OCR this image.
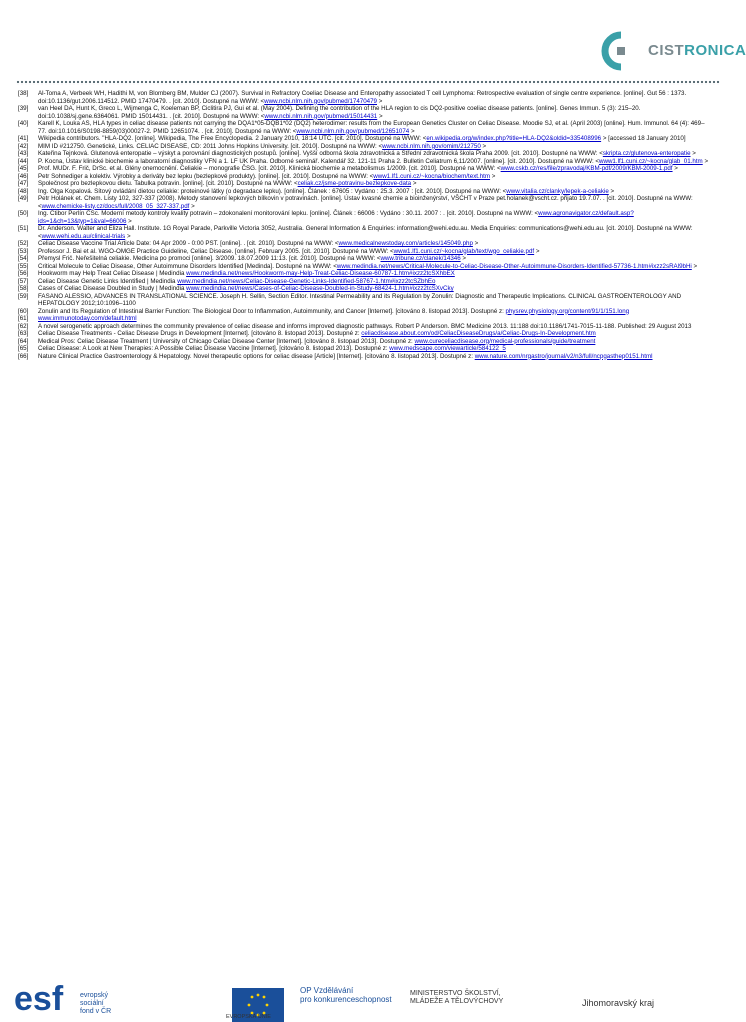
CISTRONICA
[38]	Al-Toma A, Verbeek WH, Hadithi M, von Blomberg BM, Mulder CJ (2007). Survival in Refractory Coeliac Disease and Enteropathy associated T cell Lymphoma: Retrospective evaluation of single centre experience. [online]. Gut 56 : 1373. doi:10.1136/gut.2006.114512. PMID 17470479. . [cit. 2010]. Dostupné na WWW: <www.ncbi.nlm.nih.gov/pubmed/17470479 >
[39]	van Heel DA, Hunt K, Greco L, Wijmenga C, Koeleman BP, Ciclitira PJ, Gui et al. (May 2004). Defining the contribution of the HLA region to cis DQ2-positive coeliac disease patients. [online]. Genes Immun. 5 (3): 215–20. doi:10.1038/sj.gene.6364061. PMID 15014431. . [cit. 2010]. Dostupné na WWW: <www.ncbi.nlm.nih.gov/pubmed/15014431 >
[40]	Karell K, Louka AS, HLA types in celiac disease patients not carrying the DQA1*05-DQB1*02 (DQ2) heterodimer: results from the European Genetics Cluster on Celiac Disease. Moodie SJ, et al. (April 2003) [online]. Hum. Immunol. 64 (4): 469–77. doi:10.1016/S0198-8859(03)00027-2. PMID 12651074. . [cit. 2010]. Dostupné na WWW: <www.ncbi.nlm.nih.gov/pubmed/12651074 >
[41]	Wikipedia contributors. "HLA-DQ2. [online]. Wikipedia, The Free Encyclopedia. 2 January 2010, 18:14 UTC. [cit. 2010]. Dostupné na WWW: <en.wikipedia.org/w/index.php?title=HLA-DQ2&oldid=335408996 > [accessed 18 January 2010]
[42]	MIM ID #212750. Genetické, Links. CELIAC DISEASE, CD: 2011 Johns Hopkins University. [cit. 2010]. Dostupné na WWW: <www.ncbi.nlm.nih.gov/omim/212750 >
[43]	Kateřina Tejnková. Glutenová enteropatie – výskyt a porovnání diagnostických postupů. [online]. Vyšší odborná škola zdravotnická a Střední zdravotnická škola Praha 2009. [cit. 2010]. Dostupné na WWW: <skripta.cz/glutenova-enteropatie >
[44]	P. Kocna, Ústav klinické biochemie a laboratorní diagnostiky VFN a 1. LF UK Praha. Odborné seminář. Kalendář 32. 121-11 Praha 2. Bulletin Celiatrum 6,11/2007. [online]. [cit. 2010]. Dostupné na WWW: <www1.lf1.cuni.cz/~kocna/glab_01.htm >
[45]	Prof. MUDr. F. Frič, DrSc. et al. Glény onemocnění. Celiakie – monografie ČSG. [cit. 2010]. Klinická biochemie a metabolismus 1/2009. [cit. 2010]. Dostupné na WWW: <www.cskb.cz/res/file/zpravodaj/KBM-pdf/2009/KBM-2009-1.pdf >
[46]	Petr Sohnediger a kolektiv. Výrobky a deriváty bez lepku (bezlepkové produkty). [online]. [cit. 2010]. Dostupné na WWW: <www1.lf1.cuni.cz/~kocna/biochem/text.htm >
[47]	Společnost pro bezlepkovou dietu. Tabulka potravin. [online]. [cit. 2010]. Dostupné na WWW: <celiak.cz/jsme-potravinu-bezlepkove-data >
[48]	Ing. Olga Kopalová. Sítový ovládání dietou celiakie: proteinové látky (o degradace lepku). [online]. Článek : 67605 : Vydáno : 25.3. 2007 : [cit. 2010]. Dostupné na WWW: <www.vitalia.cz/clanky/lepek-a-celiakie >
[49]	Petr Holánek et. Chem. Listy 102, 327-337 (2008). Metody stanovení lepkových bílkovin v potravinách. [online]. Ústav kvasné chemie a bioinženýrství, VŠCHT v Praze pet.holanek@vscht.cz. přijato 19.7.07. . [cit. 2010]. Dostupné na WWW: <www.chemicke-listy.cz/docs/full/2008_05_327-337.pdf >
[50]	Ing. Ctibor Perlín CSc. Moderní metody kontroly kvality potravin – zdokonalení monitorování lepku. [online]. Článek : 66006 : Vydáno : 30.11. 2007 : . [cit. 2010]. Dostupné na WWW: <www.agronavigator.cz/default.asp?ids=1&ch=13&typ=1&val=66006 >
[51]	Dr. Anderson. Walter and Eliza Hall. Institute. 1G Royal Parade, Parkville Victoria 3052, Australia. General Information & Enquiries: information@wehi.edu.au. Media Enquiries: communications@wehi.edu.au. [cit. 2010]. Dostupné na WWW: <www.wehi.edu.au/clinical-trials >
[52]	Celiac Disease Vaccine Trial Article Date: 04 Apr 2009 - 0:00 PST. [online]. . [cit. 2010]. Dostupné na WWW: <www.medicalnewstoday.com/articles/145049.php >
[53]	Professor J. Bai et al. WGO-OMGE Practice Guideline, Celiac Disease. [online]. February 2005. [cit. 2010]. Dostupné na WWW: <www1.lf1.cuni.cz/~kocna/glab/text/wgo_celiakie.pdf >
[54]	Přemysl Frič. Neřešitelná celiakie. Medicína po promoci [online]. 3/2009. 18.07.2009 11:13. [cit. 2010]. Dostupné na WWW: <www.tribune.cz/clanek/14346 >
[55]	Critical Molecule to Celiac Disease, Other Autoimmune Disorders Identified [Medinda]. Dostupné na WWW: <www.medindia.net/news/Critical-Molecule-to-Celiac-Disease-Other-Autoimmune-Disorders-Identified-57736-1.htm#ixzz2sRAl9bHi >
[56]	Hookworm may Help Treat Celiac Disease | Medindia www.medindia.net/news/Hookworm-may-Help-Treat-Celiac-Disease-60787-1.htm#ixzz2tcSXhbEX
[57]	Celiac Disease Genetic Links Identified | Medindia www.medindia.net/news/Celiac-Disease-Genetic-Links-Identified-58767-1.htm#ixzz2tcSZbhEo
[58]	Cases of Celiac Disease Doubled in Study | Medindia www.medindia.net/news/Cases-of-Celiac-Disease-Doubled-in-Study-68424-1.htm#ixzz2tcSXvCky
[59]	FASANO ALESSIO, ADVANCES IN TRANSLATIONAL SCIENCE. Joseph H. Sellin, Section Editor. Intestinal Permeability and its Regulation by Zonulin: Diagnostic and Therapeutic Implications. CLINICAL GASTROENTEROLOGY AND HEPATOLOGY 2012;10:1096–1100
[60]	Zonulin and Its Regulation of Intestinal Barrier Function: The Biological Door to Inflammation, Autoimmunity, and Cancer [Internet]. [citováno 8. listopad 2013]. Dostupné z: physrev.physiology.org/content/91/1/151.long
[61]	www.immunotoday.com/default.html
[62]	A novel serogenetic approach determines the community prevalence of celiac disease and informs improved diagnostic pathways. Robert P Anderson. BMC Medicine 2013. 11:188 doi:10.1186/1741-7015-11-188. Published: 29 August 2013
[63]	Celiac Disease Treatments - Celiac Disease Drugs in Development [Internet]. [citováno 8. listopad 2013]. Dostupné z: celiacdisease.about.com/od/CeliacDiseaseDrugs/a/Celiac-Drugs-In-Development.htm
[64]	Medical Pros: Celiac Disease Treatment | University of Chicago Celiac Disease Center [Internet]. [citováno 8. listopad 2013]. Dostupné z: www.cureceliacdisease.org/medical-professionals/guide/treatment
[65]	Celiac Disease: A Look at New Therapies: A Possible Celiac Disease Vaccine [Internet]. [citováno 8. listopad 2013]. Dostupné z: www.medscape.com/viewarticle/584122_5
[66]	Nature Clinical Practice Gastroenterology & Hepatology. Novel therapeutic options for celiac disease [Article] [Internet]. [citováno 8. listopad 2013]. Dostupné z: www.nature.com/nrgastro/journal/v2/n3/full/ncpgasthep0151.html
esf evropský
sociální
fond v ČR
EVROPSKÁ UNIE
OP Vzdělávání
pro konkurenceschopnost
MINISTERSTVO ŠKOLSTVÍ,
MLÁDEŽE A TĚLOVÝCHOVY	Jihomoravský kraj
